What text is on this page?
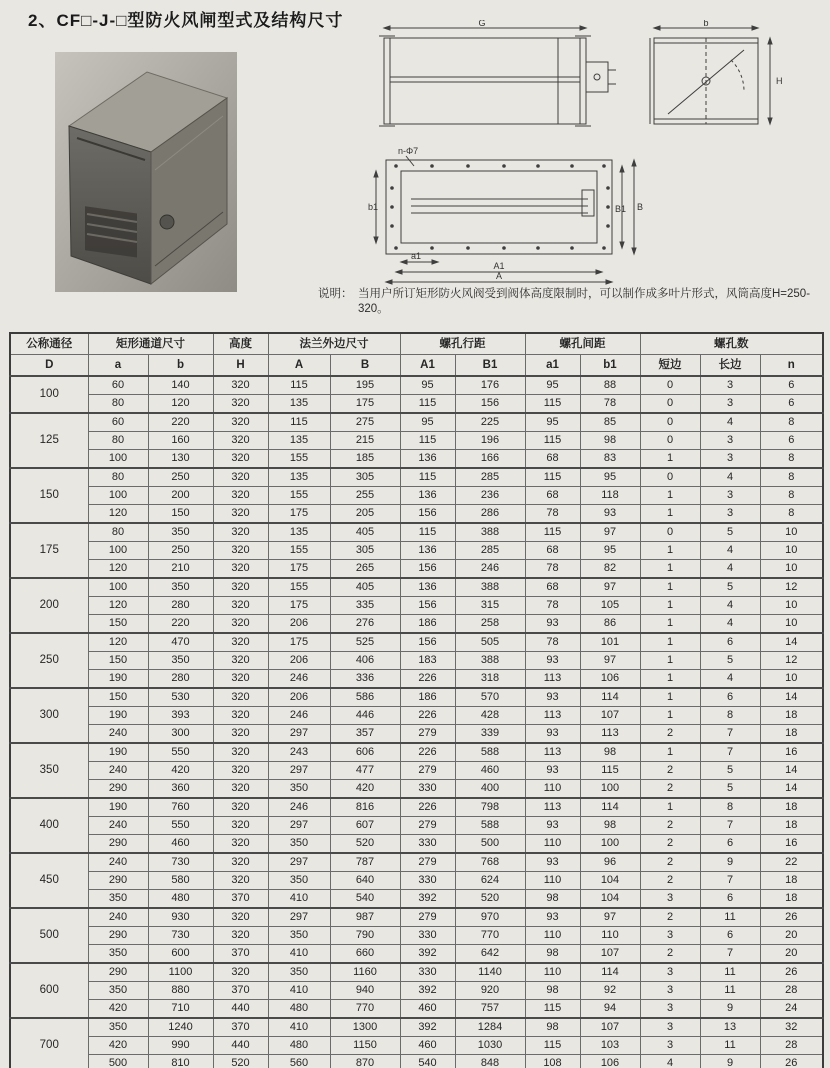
2、CF□-J-□型防火风闸型式及结构尺寸	G	b
H
n-Φ7
b1	B1 B
a1
A1
A
说明： 当用户所订矩形防火风阀受到阀体高度限制时，可以制作成多叶片形式，风筒高度H=250-320。
公称通径	矩形通道尺寸		高度	法兰外边尺寸		螺孔行距		螺孔间距		螺孔数		
D	a	b	H	A	B	A1	B1	a1	b1	短边	长边	n
100	60	140	320	115	195	95	176	95	88	0	3	6
	80	120	320	135	175	115	156	115	78	0	3	6
125	60	220	320	115	275	95	225	95	85	0	4	8
	80	160	320	135	215	115	196	115	98	0	3	6
	100	130	320	155	185	136	166	68	83	1	3	8
150	80	250	320	135	305	115	285	115	95	0	4	8
	100	200	320	155	255	136	236	68	118	1	3	8
	120	150	320	175	205	156	286	78	93	1	3	8
175	80	350	320	135	405	115	388	115	97	0	5	10
	100	250	320	155	305	136	285	68	95	1	4	10
	120	210	320	175	265	156	246	78	82	1	4	10
200	100	350	320	155	405	136	388	68	97	1	5	12
	120	280	320	175	335	156	315	78	105	1	4	10
	150	220	320	206	276	186	258	93	86	1	4	10
250	120	470	320	175	525	156	505	78	101	1	6	14
	150	350	320	206	406	183	388	93	97	1	5	12
	190	280	320	246	336	226	318	113	106	1	4	10
300	150	530	320	206	586	186	570	93	114	1	6	14
	190	393	320	246	446	226	428	113	107	1	8	18
	240	300	320	297	357	279	339	93	113	2	7	18
350	190	550	320	243	606	226	588	113	98	1	7	16
	240	420	320	297	477	279	460	93	115	2	5	14
	290	360	320	350	420	330	400	110	100	2	5	14
400	190	760	320	246	816	226	798	113	114	1	8	18
	240	550	320	297	607	279	588	93	98	2	7	18
	290	460	320	350	520	330	500	110	100	2	6	16
450	240	730	320	297	787	279	768	93	96	2	9	22
	290	580	320	350	640	330	624	110	104	2	7	18
	350	480	370	410	540	392	520	98	104	3	6	18
500	240	930	320	297	987	279	970	93	97	2	11	26
	290	730	320	350	790	330	770	110	110	3	6	20
	350	600	370	410	660	392	642	98	107	2	7	20
600	290	1100	320	350	1160	330	1140	110	114	3	11	26
	350	880	370	410	940	392	920	98	92	3	11	28
	420	710	440	480	770	460	757	115	94	3	9	24
700	350	1240	370	410	1300	392	1284	98	107	3	13	32
	420	990	440	480	1150	460	1030	115	103	3	11	28
	500	810	520	560	870	540	848	108	106	4	9	26
